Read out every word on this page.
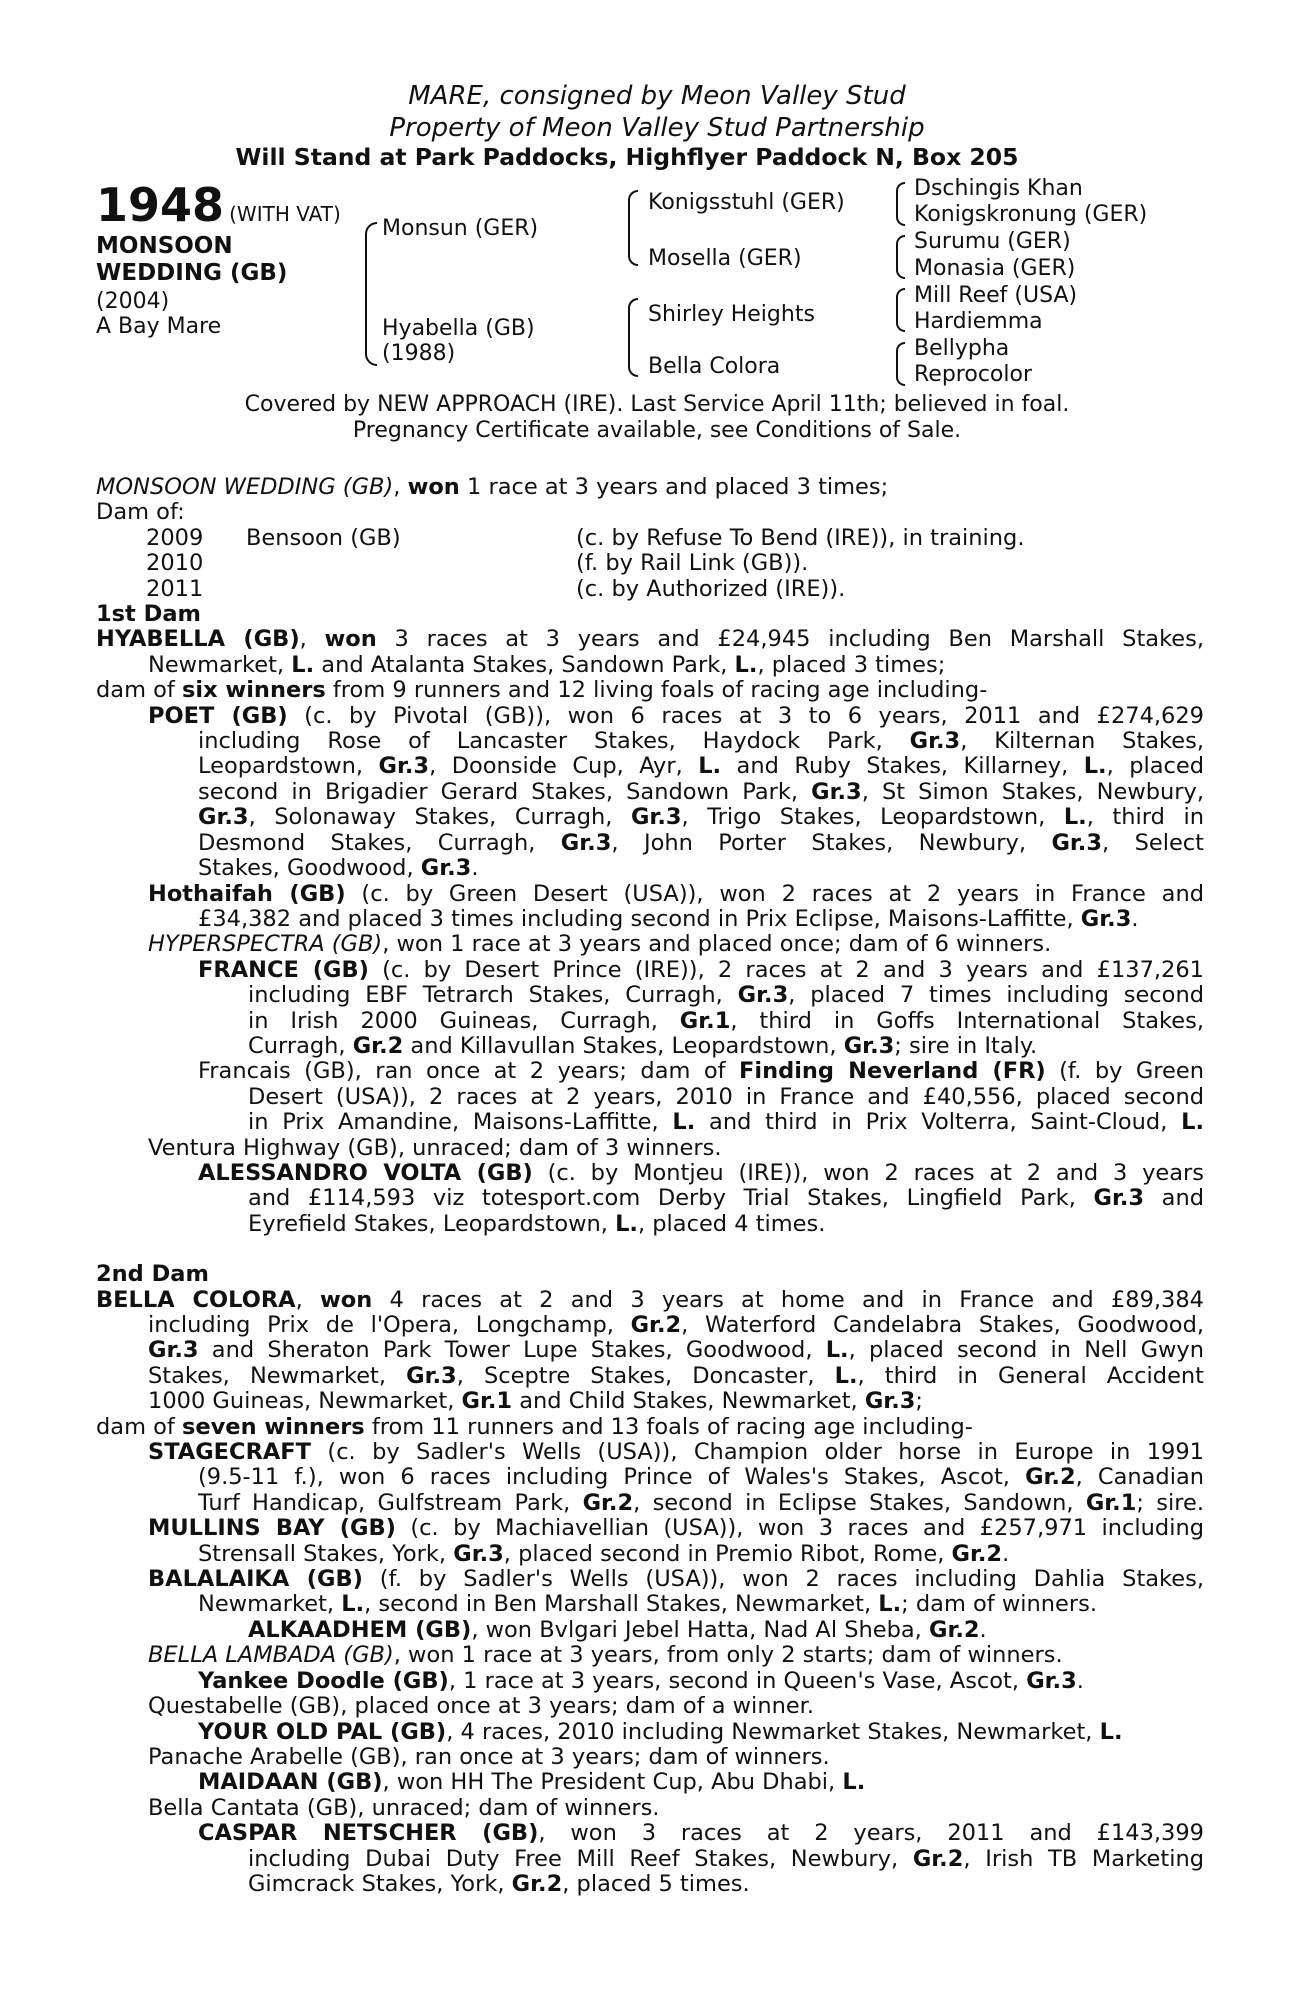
MARE, consigned by Meon Valley Stud
Property of Meon Valley Stud Partnership
Will Stand at Park Paddocks, Highflyer Paddock N, Box 205
1948 (WITH VAT)
MONSOON
WEDDING (GB)
(2004)
A Bay Mare
Monsun (GER)
Hyabella (GB)
(1988)
Konigsstuhl (GER)
Mosella (GER)
Shirley Heights
Bella Colora
Dschingis Khan
Konigskronung (GER)
Surumu (GER)
Monasia (GER)
Mill Reef (USA)
Hardiemma
Bellypha
Reprocolor
Covered by NEW APPROACH (IRE). Last Service April 11th; believed in foal.
Pregnancy Certificate available, see Conditions of Sale.
MONSOON WEDDING (GB), won 1 race at 3 years and placed 3 times;
Dam of:
2009	Bensoon (GB)	(c. by Refuse To Bend (IRE)), in training.
2010	(f. by Rail Link (GB)).
2011	(c. by Authorized (IRE)).
1st Dam
HYABELLA (GB), won 3 races at 3 years and £24,945 including Ben Marshall Stakes,
Newmarket, L. and Atalanta Stakes, Sandown Park, L., placed 3 times;
dam of six winners from 9 runners and 12 living foals of racing age including-
POET (GB) (c. by Pivotal (GB)), won 6 races at 3 to 6 years, 2011 and £274,629
including Rose of Lancaster Stakes, Haydock Park, Gr.3, Kilternan Stakes,
Leopardstown, Gr.3, Doonside Cup, Ayr, L. and Ruby Stakes, Killarney, L., placed
second in Brigadier Gerard Stakes, Sandown Park, Gr.3, St Simon Stakes, Newbury,
Gr.3, Solonaway Stakes, Curragh, Gr.3, Trigo Stakes, Leopardstown, L., third in
Desmond Stakes, Curragh, Gr.3, John Porter Stakes, Newbury, Gr.3, Select
Stakes, Goodwood, Gr.3.
Hothaifah (GB) (c. by Green Desert (USA)), won 2 races at 2 years in France and
£34,382 and placed 3 times including second in Prix Eclipse, Maisons-Laffitte, Gr.3.
HYPERSPECTRA (GB), won 1 race at 3 years and placed once; dam of 6 winners.
FRANCE (GB) (c. by Desert Prince (IRE)), 2 races at 2 and 3 years and £137,261
including EBF Tetrarch Stakes, Curragh, Gr.3, placed 7 times including second
in Irish 2000 Guineas, Curragh, Gr.1, third in Goffs International Stakes,
Curragh, Gr.2 and Killavullan Stakes, Leopardstown, Gr.3; sire in Italy.
Francais (GB), ran once at 2 years; dam of Finding Neverland (FR) (f. by Green
Desert (USA)), 2 races at 2 years, 2010 in France and £40,556, placed second
in Prix Amandine, Maisons-Laffitte, L. and third in Prix Volterra, Saint-Cloud, L.
Ventura Highway (GB), unraced; dam of 3 winners.
ALESSANDRO VOLTA (GB) (c. by Montjeu (IRE)), won 2 races at 2 and 3 years
and £114,593 viz totesport.com Derby Trial Stakes, Lingfield Park, Gr.3 and
Eyrefield Stakes, Leopardstown, L., placed 4 times.
2nd Dam
BELLA COLORA, won 4 races at 2 and 3 years at home and in France and £89,384
including Prix de l'Opera, Longchamp, Gr.2, Waterford Candelabra Stakes, Goodwood,
Gr.3 and Sheraton Park Tower Lupe Stakes, Goodwood, L., placed second in Nell Gwyn
Stakes, Newmarket, Gr.3, Sceptre Stakes, Doncaster, L., third in General Accident
1000 Guineas, Newmarket, Gr.1 and Child Stakes, Newmarket, Gr.3;
dam of seven winners from 11 runners and 13 foals of racing age including-
STAGECRAFT (c. by Sadler's Wells (USA)), Champion older horse in Europe in 1991
(9.5-11 f.), won 6 races including Prince of Wales's Stakes, Ascot, Gr.2, Canadian
Turf Handicap, Gulfstream Park, Gr.2, second in Eclipse Stakes, Sandown, Gr.1; sire.
MULLINS BAY (GB) (c. by Machiavellian (USA)), won 3 races and £257,971 including
Strensall Stakes, York, Gr.3, placed second in Premio Ribot, Rome, Gr.2.
BALALAIKA (GB) (f. by Sadler's Wells (USA)), won 2 races including Dahlia Stakes,
Newmarket, L., second in Ben Marshall Stakes, Newmarket, L.; dam of winners.
ALKAADHEM (GB), won Bvlgari Jebel Hatta, Nad Al Sheba, Gr.2.
BELLA LAMBADA (GB), won 1 race at 3 years, from only 2 starts; dam of winners.
Yankee Doodle (GB), 1 race at 3 years, second in Queen's Vase, Ascot, Gr.3.
Questabelle (GB), placed once at 3 years; dam of a winner.
YOUR OLD PAL (GB), 4 races, 2010 including Newmarket Stakes, Newmarket, L.
Panache Arabelle (GB), ran once at 3 years; dam of winners.
MAIDAAN (GB), won HH The President Cup, Abu Dhabi, L.
Bella Cantata (GB), unraced; dam of winners.
CASPAR NETSCHER (GB), won 3 races at 2 years, 2011 and £143,399
including Dubai Duty Free Mill Reef Stakes, Newbury, Gr.2, Irish TB Marketing
Gimcrack Stakes, York, Gr.2, placed 5 times.
